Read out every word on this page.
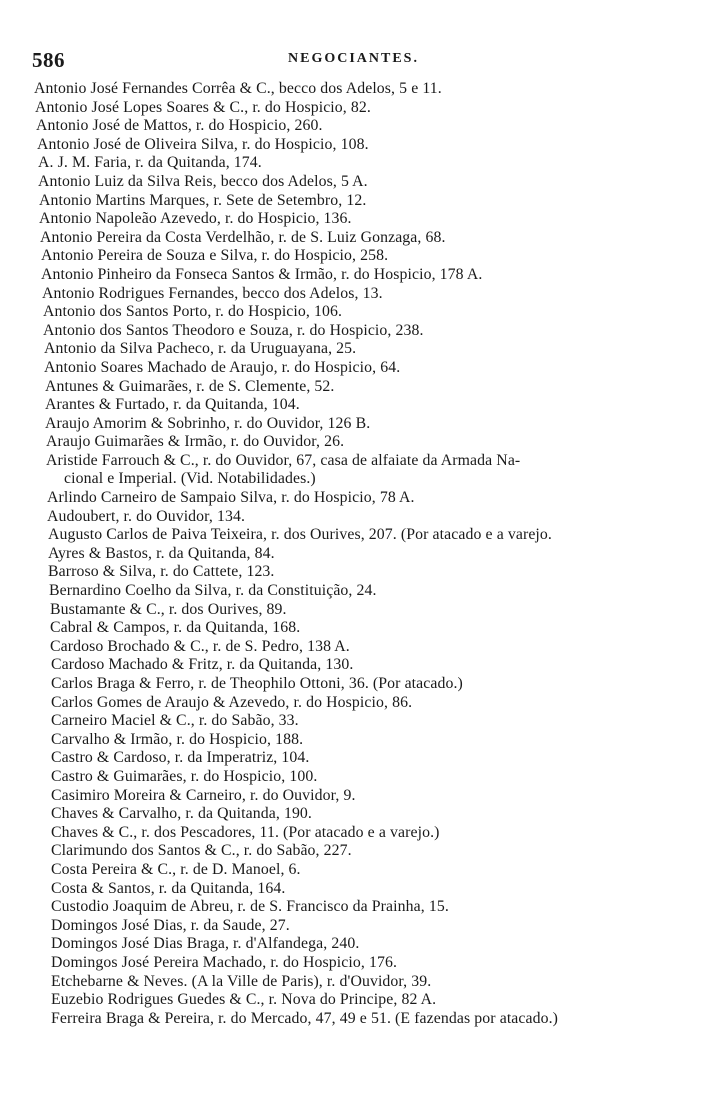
586	NEGOCIANTES.
Antonio José Fernandes Corrêa & C., becco dos Adelos, 5 e 11.
Antonio José Lopes Soares & C., r. do Hospicio, 82.
Antonio José de Mattos, r. do Hospicio, 260.
Antonio José de Oliveira Silva, r. do Hospicio, 108.
A. J. M. Faria, r. da Quitanda, 174.
Antonio Luiz da Silva Reis, becco dos Adelos, 5 A.
Antonio Martins Marques, r. Sete de Setembro, 12.
Antonio Napoleão Azevedo, r. do Hospicio, 136.
Antonio Pereira da Costa Verdelhão, r. de S. Luiz Gonzaga, 68.
Antonio Pereira de Souza e Silva, r. do Hospicio, 258.
Antonio Pinheiro da Fonseca Santos & Irmão, r. do Hospicio, 178 A.
Antonio Rodrigues Fernandes, becco dos Adelos, 13.
Antonio dos Santos Porto, r. do Hospicio, 106.
Antonio dos Santos Theodoro e Souza, r. do Hospicio, 238.
Antonio da Silva Pacheco, r. da Uruguayana, 25.
Antonio Soares Machado de Araujo, r. do Hospicio, 64.
Antunes & Guimarães, r. de S. Clemente, 52.
Arantes & Furtado, r. da Quitanda, 104.
Araujo Amorim & Sobrinho, r. do Ouvidor, 126 B.
Araujo Guimarães & Irmão, r. do Ouvidor, 26.
Aristide Farrouch & C., r. do Ouvidor, 67, casa de alfaiate da Armada Na-
cional e Imperial. (Vid. Notabilidades.)
Arlindo Carneiro de Sampaio Silva, r. do Hospicio, 78 A.
Audoubert, r. do Ouvidor, 134.
Augusto Carlos de Paiva Teixeira, r. dos Ourives, 207. (Por atacado e a varejo.
Ayres & Bastos, r. da Quitanda, 84.
Barroso & Silva, r. do Cattete, 123.
Bernardino Coelho da Silva, r. da Constituição, 24.
Bustamante & C., r. dos Ourives, 89.
Cabral & Campos, r. da Quitanda, 168.
Cardoso Brochado & C., r. de S. Pedro, 138 A.
Cardoso Machado & Fritz, r. da Quitanda, 130.
Carlos Braga & Ferro, r. de Theophilo Ottoni, 36. (Por atacado.)
Carlos Gomes de Araujo & Azevedo, r. do Hospicio, 86.
Carneiro Maciel & C., r. do Sabão, 33.
Carvalho & Irmão, r. do Hospicio, 188.
Castro & Cardoso, r. da Imperatriz, 104.
Castro & Guimarães, r. do Hospicio, 100.
Casimiro Moreira & Carneiro, r. do Ouvidor, 9.
Chaves & Carvalho, r. da Quitanda, 190.
Chaves & C., r. dos Pescadores, 11. (Por atacado e a varejo.)
Clarimundo dos Santos & C., r. do Sabão, 227.
Costa Pereira & C., r. de D. Manoel, 6.
Costa & Santos, r. da Quitanda, 164.
Custodio Joaquim de Abreu, r. de S. Francisco da Prainha, 15.
Domingos José Dias, r. da Saude, 27.
Domingos José Dias Braga, r. d'Alfandega, 240.
Domingos José Pereira Machado, r. do Hospicio, 176.
Etchebarne & Neves. (A la Ville de Paris), r. d'Ouvidor, 39.
Euzebio Rodrigues Guedes & C., r. Nova do Principe, 82 A.
Ferreira Braga & Pereira, r. do Mercado, 47, 49 e 51. (E fazendas por atacado.)
